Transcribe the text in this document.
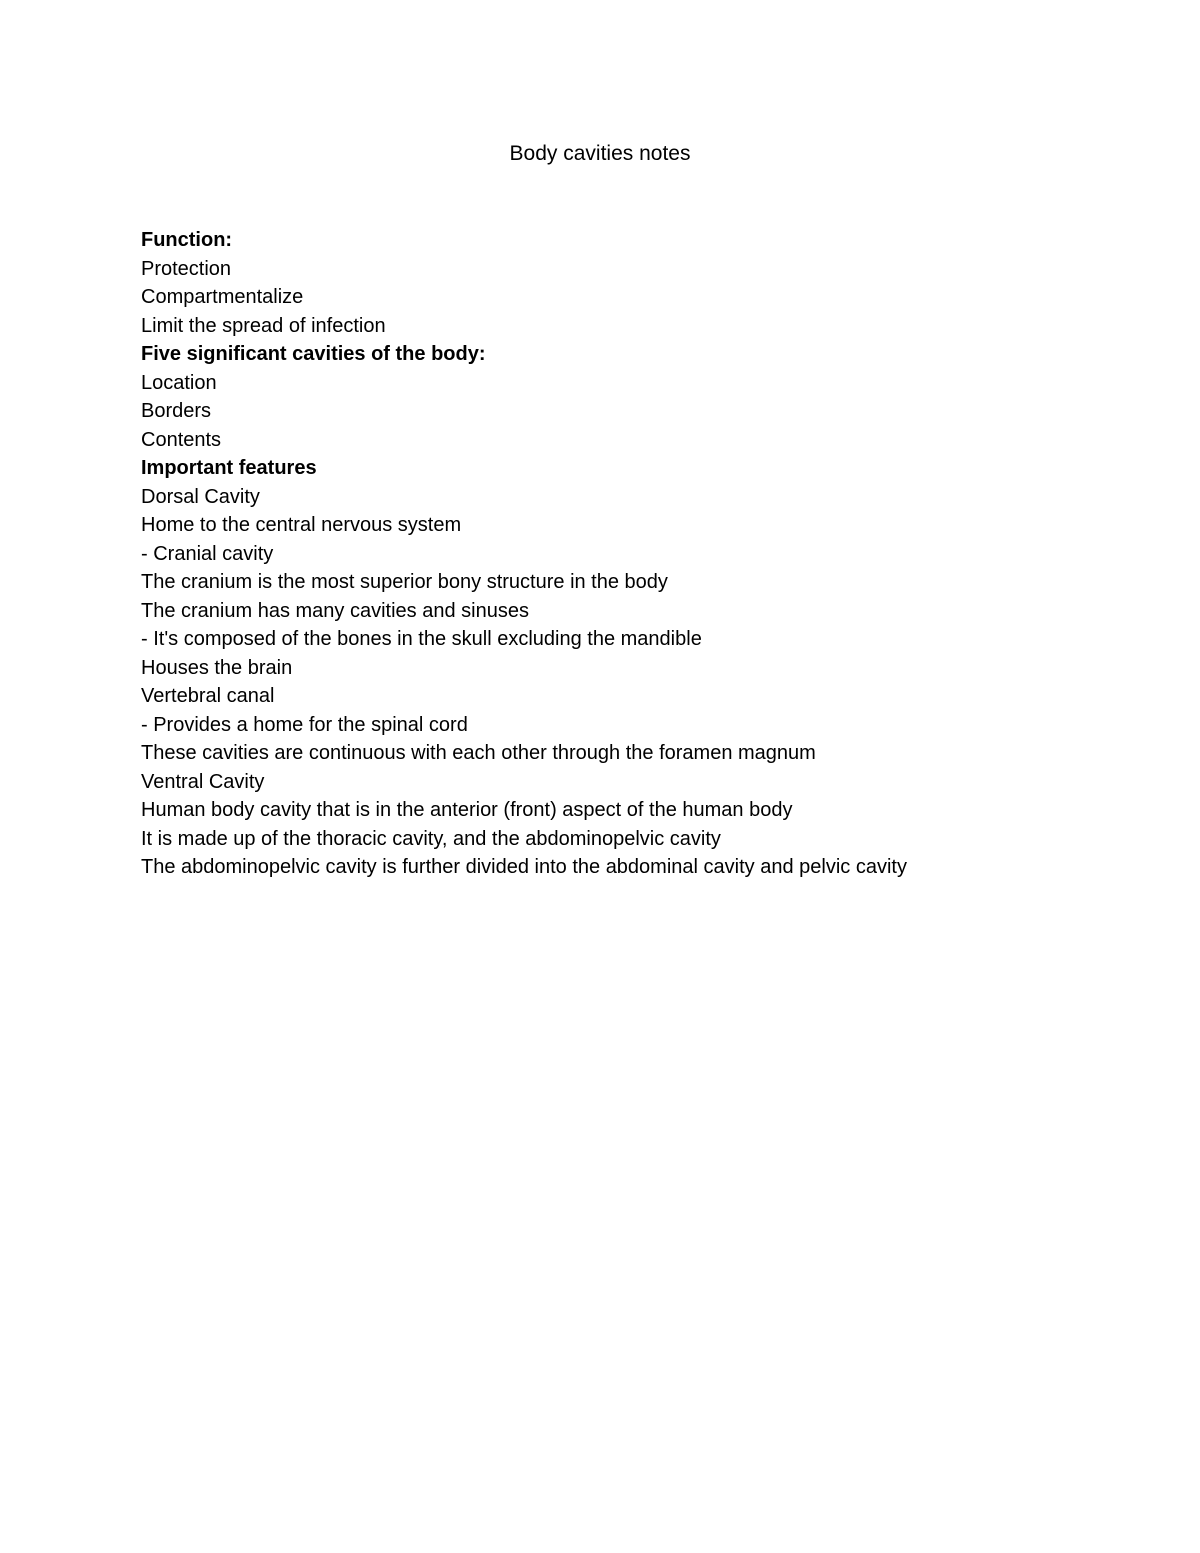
Body cavities notes
Function:
Protection
Compartmentalize
Limit the spread of infection
Five significant cavities of the body:
Location
Borders
Contents
Important features
Dorsal Cavity
Home to the central nervous system
- Cranial cavity
The cranium is the most superior bony structure in the body
The cranium has many cavities and sinuses
- It's composed of the bones in the skull excluding the mandible
Houses the brain
Vertebral canal
- Provides a home for the spinal cord
These cavities are continuous with each other through the foramen magnum
Ventral Cavity
Human body cavity that is in the anterior (front) aspect of the human body
It is made up of the thoracic cavity, and the abdominopelvic cavity
The abdominopelvic cavity is further divided into the abdominal cavity and pelvic cavity
